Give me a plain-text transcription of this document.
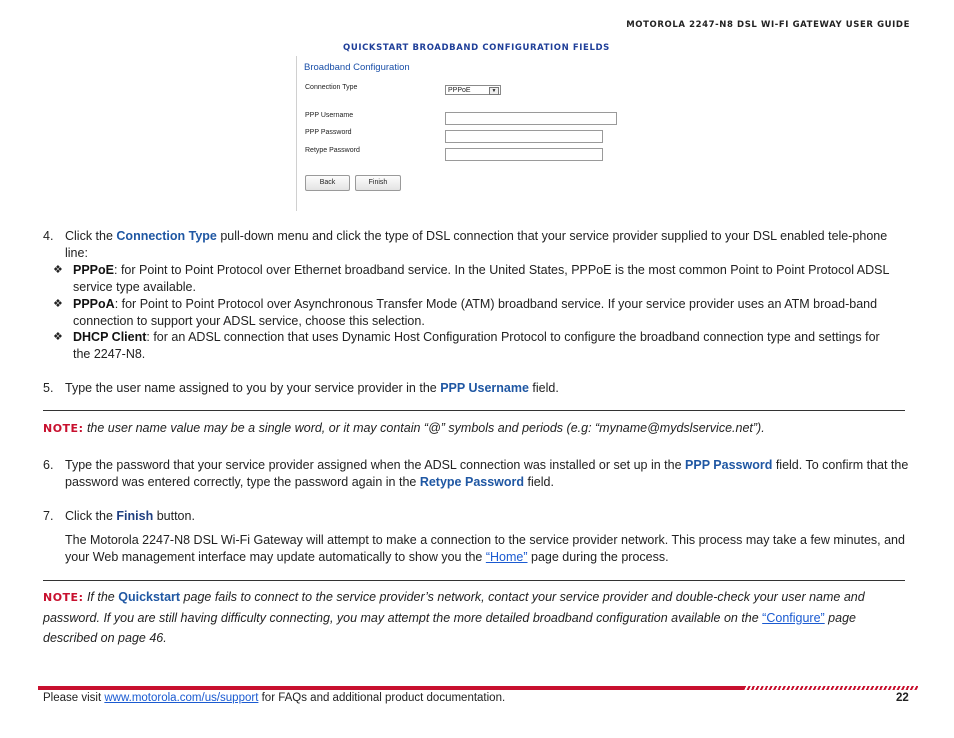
MOTOROLA 2247-N8 DSL WI-FI GATEWAY USER GUIDE
QUICKSTART BROADBAND CONFIGURATION FIELDS
Broadband Configuration
Connection Type	PPPoE	▼
PPP Username
PPP Password
Retype Password
Back	Finish
4. Click the Connection Type pull-down menu and click the type of DSL connection that your service provider supplied to your DSL enabled tele-phone line:
❖ PPPoE: for Point to Point Protocol over Ethernet broadband service. In the United States, PPPoE is the most common Point to Point Protocol ADSL service type available.
❖ PPPoA: for Point to Point Protocol over Asynchronous Transfer Mode (ATM) broadband service. If your service provider uses an ATM broad-band connection to support your ADSL service, choose this selection.
❖ DHCP Client: for an ADSL connection that uses Dynamic Host Configuration Protocol to configure the broadband connection type and settings for the 2247-N8.
5. Type the user name assigned to you by your service provider in the PPP Username field.
NOTE: the user name value may be a single word, or it may contain “@” symbols and periods (e.g: “myname@mydslservice.net”).
6. Type the password that your service provider assigned when the ADSL connection was installed or set up in the PPP Password field. To confirm that the password was entered correctly, type the password again in the Retype Password field.
7. Click the Finish button.
The Motorola 2247-N8 DSL Wi-Fi Gateway will attempt to make a connection to the service provider network. This process may take a few minutes, and your Web management interface may update automatically to show you the “Home” page during the process.
NOTE: If the Quickstart page fails to connect to the service provider’s network, contact your service provider and double-check your user name and password. If you are still having difficulty connecting, you may attempt the more detailed broadband configuration available on the “Configure” page described on page 46.
Please visit www.motorola.com/us/support for FAQs and additional product documentation.	22
